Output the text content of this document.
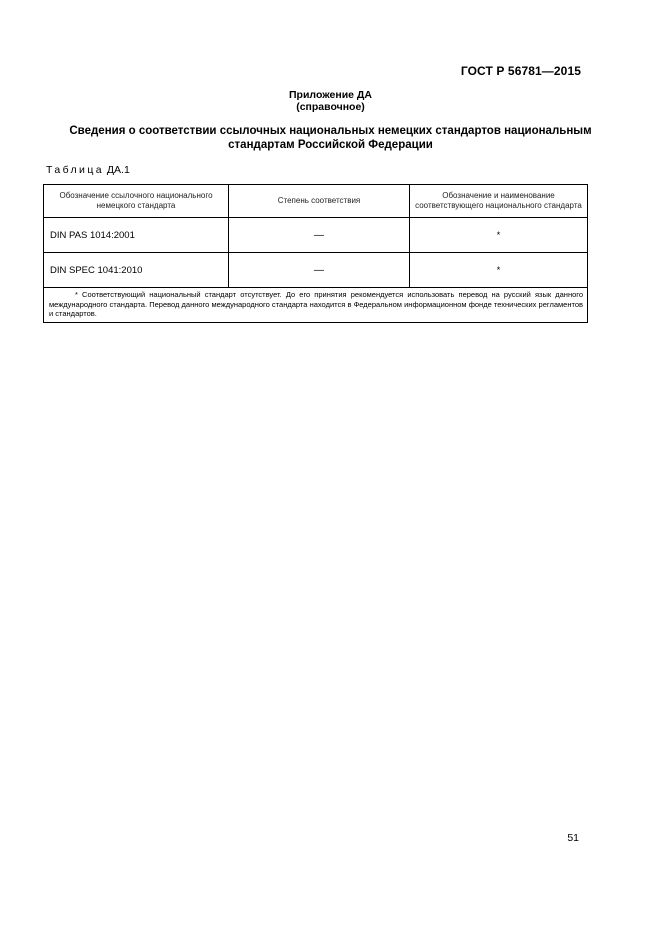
ГОСТ Р 56781—2015
Приложение ДА
(справочное)
Сведения о соответствии ссылочных национальных немецких стандартов национальным стандартам Российской Федерации
Таблица ДА.1
Обозначение ссылочного национального немецкого стандарта	Степень соответствия	Обозначение и наименование соответствующего национального стандарта
DIN PAS 1014:2001	—	*
DIN SPEC 1041:2010	—	*
* Соответствующий национальный стандарт отсутствует. До его принятия рекомендуется использовать перевод на русский язык данного международного стандарта. Перевод данного международного стандарта находится в Федеральном информационном фонде технических регламентов и стандартов.		
51
